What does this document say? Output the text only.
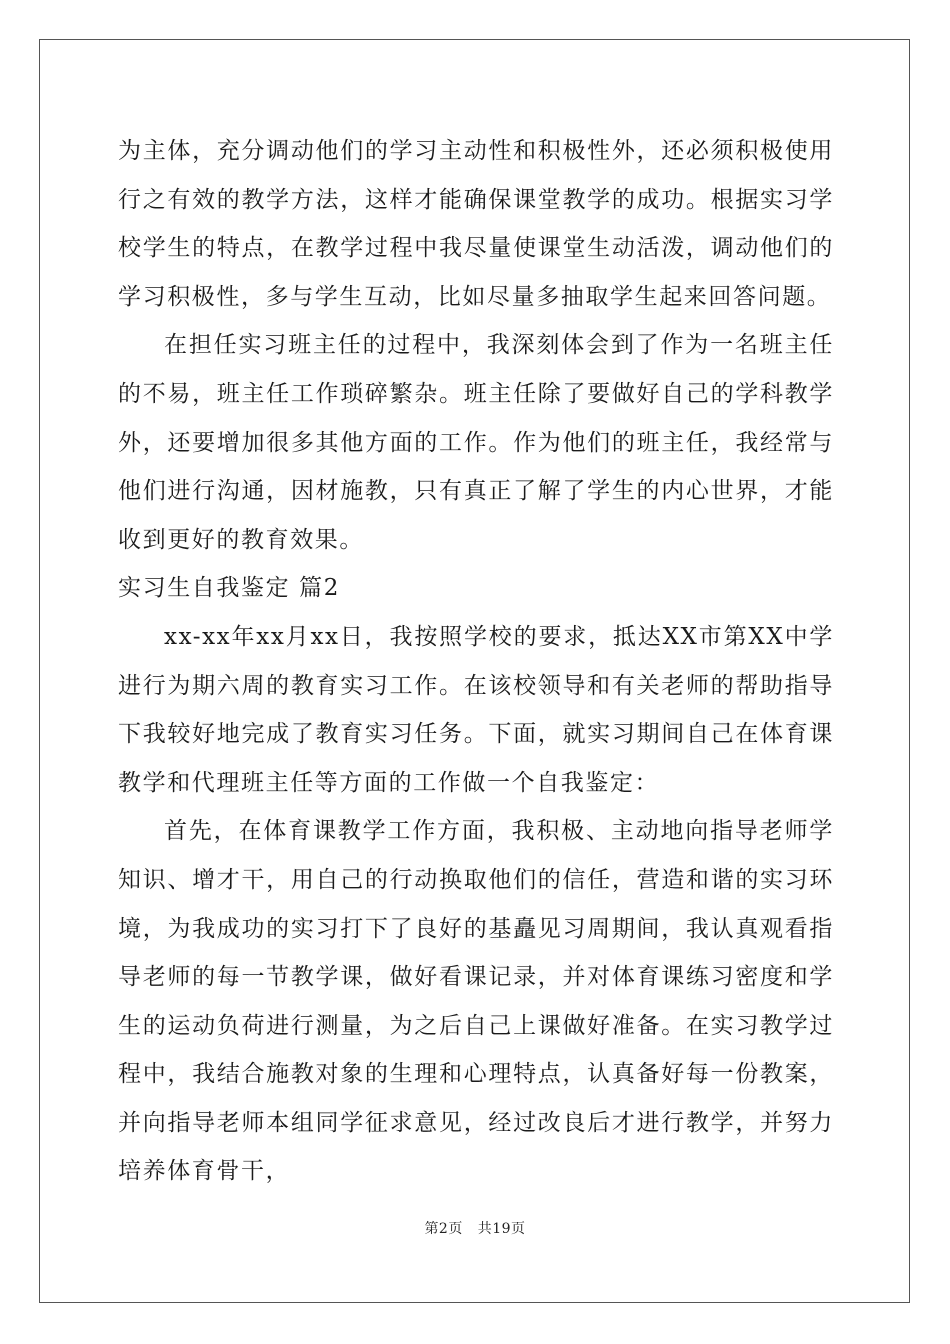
为主体，充分调动他们的学习主动性和积极性外，还必须积极使用行之有效的教学方法，这样才能确保课堂教学的成功。根据实习学校学生的特点，在教学过程中我尽量使课堂生动活泼，调动他们的学习积极性，多与学生互动，比如尽量多抽取学生起来回答问题。

在担任实习班主任的过程中，我深刻体会到了作为一名班主任的不易，班主任工作琐碎繁杂。班主任除了要做好自己的学科教学外，还要增加很多其他方面的工作。作为他们的班主任，我经常与他们进行沟通，因材施教，只有真正了解了学生的内心世界，才能收到更好的教育效果。

实习生自我鉴定 篇2

xx-xx年xx月xx日，我按照学校的要求，抵达XX市第XX中学进行为期六周的教育实习工作。在该校领导和有关老师的帮助指导下我较好地完成了教育实习任务。下面，就实习期间自己在体育课教学和代理班主任等方面的工作做一个自我鉴定：

首先，在体育课教学工作方面，我积极、主动地向指导老师学知识、增才干，用自己的行动换取他们的信任，营造和谐的实习环境，为我成功的实习打下了良好的基矗见习周期间，我认真观看指导老师的每一节教学课，做好看课记录，并对体育课练习密度和学生的运动负荷进行测量，为之后自己上课做好准备。在实习教学过程中，我结合施教对象的生理和心理特点，认真备好每一份教案，并向指导老师本组同学征求意见，经过改良后才进行教学，并努力培养体育骨干，

第2页 共19页
